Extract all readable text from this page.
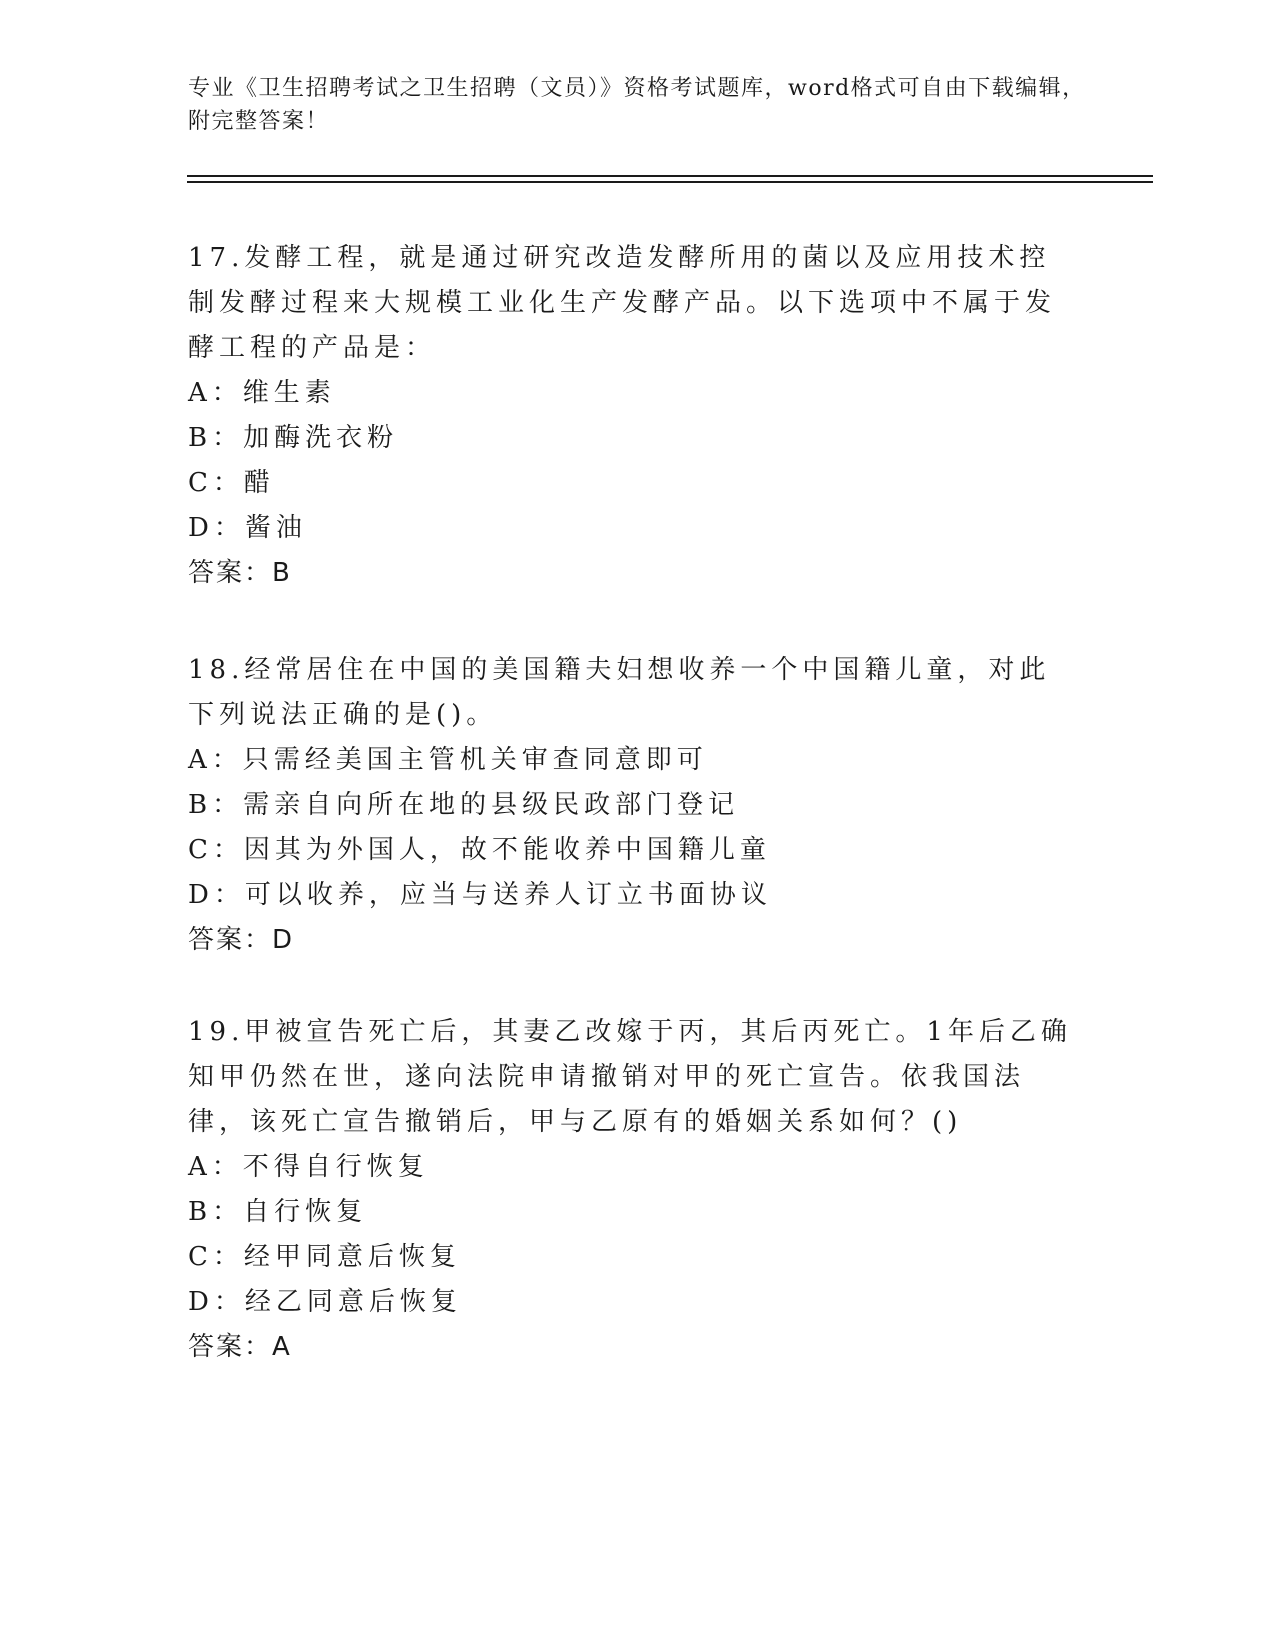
专业《卫生招聘考试之卫生招聘（文员）》资格考试题库，word格式可自由下载编辑，附完整答案！

17.发酵工程，就是通过研究改造发酵所用的菌以及应用技术控制发酵过程来大规模工业化生产发酵产品。以下选项中不属于发酵工程的产品是：

A：维生素

B：加酶洗衣粉

C：醋

D：酱油

答案：B

18.经常居住在中国的美国籍夫妇想收养一个中国籍儿童，对此下列说法正确的是()。

A：只需经美国主管机关审查同意即可

B：需亲自向所在地的县级民政部门登记

C：因其为外国人，故不能收养中国籍儿童

D：可以收养，应当与送养人订立书面协议

答案：D

19.甲被宣告死亡后，其妻乙改嫁于丙，其后丙死亡。1年后乙确知甲仍然在世，遂向法院申请撤销对甲的死亡宣告。依我国法律，该死亡宣告撤销后，甲与乙原有的婚姻关系如何？()

A：不得自行恢复

B：自行恢复

C：经甲同意后恢复

D：经乙同意后恢复

答案：A
